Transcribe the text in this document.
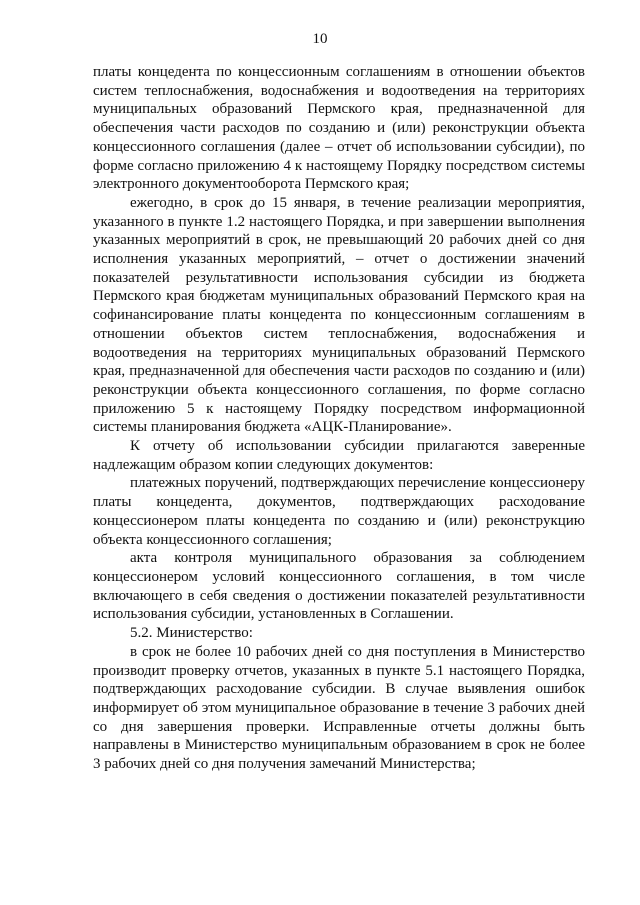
10

платы концедента по концессионным соглашениям в отношении объектов систем теплоснабжения, водоснабжения и водоотведения на территориях муниципальных образований Пермского края, предназначенной для обеспечения части расходов по созданию и (или) реконструкции объекта концессионного соглашения (далее – отчет об использовании субсидии), по форме согласно приложению 4 к настоящему Порядку посредством системы электронного документооборота Пермского края;

ежегодно, в срок до 15 января, в течение реализации мероприятия, указанного в пункте 1.2 настоящего Порядка, и при завершении выполнения указанных мероприятий в срок, не превышающий 20 рабочих дней со дня исполнения указанных мероприятий, – отчет о достижении значений показателей результативности использования субсидии из бюджета Пермского края бюджетам муниципальных образований Пермского края на софинансирование платы концедента по концессионным соглашениям в отношении объектов систем теплоснабжения, водоснабжения и водоотведения на территориях муниципальных образований Пермского края, предназначенной для обеспечения части расходов по созданию и (или) реконструкции объекта концессионного соглашения, по форме согласно приложению 5 к настоящему Порядку посредством информационной системы планирования бюджета «АЦК-Планирование».

К отчету об использовании субсидии прилагаются заверенные надлежащим образом копии следующих документов:

платежных поручений, подтверждающих перечисление концессионеру платы концедента, документов, подтверждающих расходование концессионером платы концедента по созданию и (или) реконструкцию объекта концессионного соглашения;

акта контроля муниципального образования за соблюдением концессионером условий концессионного соглашения, в том числе включающего в себя сведения о достижении показателей результативности использования субсидии, установленных в Соглашении.

5.2. Министерство:

в срок не более 10 рабочих дней со дня поступления в Министерство производит проверку отчетов, указанных в пункте 5.1 настоящего Порядка, подтверждающих расходование субсидии. В случае выявления ошибок информирует об этом муниципальное образование в течение 3 рабочих дней со дня завершения проверки. Исправленные отчеты должны быть направлены в Министерство муниципальным образованием в срок не более 3 рабочих дней со дня получения замечаний Министерства;
